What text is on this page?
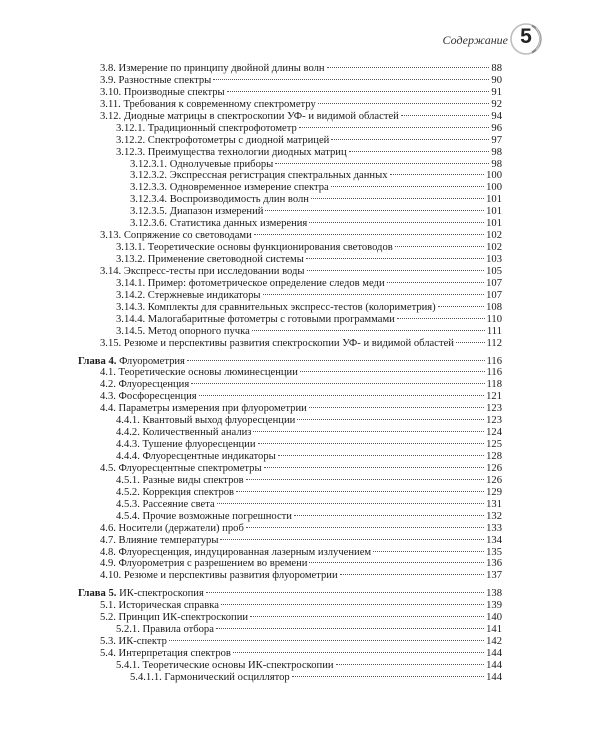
Содержание 5
3.8. Измерение по принципу двойной длины волн	88
3.9. Разностные спектры	90
3.10. Производные спектры	91
3.11. Требования к современному спектрометру	92
3.12. Диодные матрицы в спектроскопии УФ- и видимой областей	94
3.12.1. Традиционный спектрофотометр	96
3.12.2. Спектрофотометры с диодной матрицей	97
3.12.3. Преимущества технологии диодных матриц	98
3.12.3.1. Однолучевые приборы	98
3.12.3.2. Экспрессная регистрация спектральных данных	100
3.12.3.3. Одновременное измерение спектра	100
3.12.3.4. Воспроизводимость длин волн	101
3.12.3.5. Диапазон измерений	101
3.12.3.6. Статистика данных измерения	101
3.13. Сопряжение со световодами	102
3.13.1. Теоретические основы функционирования световодов	102
3.13.2. Применение световодной системы	103
3.14. Экспресс-тесты при исследовании воды	105
3.14.1. Пример: фотометрическое определение следов меди	107
3.14.2. Стержневые индикаторы	107
3.14.3. Комплекты для сравнительных экспресс-тестов (колориметрия)	108
3.14.4. Малогабаритные фотометры с готовыми программами	110
3.14.5. Метод опорного пучка	111
3.15. Резюме и перспективы развития спектроскопии УФ- и видимой областей	112
Глава 4. Флуорометрия	116
4.1. Теоретические основы люминесценции	116
4.2. Флуоресценция	118
4.3. Фосфоресценция	121
4.4. Параметры измерения при флуорометрии	123
4.4.1. Квантовый выход флуоресценции	123
4.4.2. Количественный анализ	124
4.4.3. Тушение флуоресценции	125
4.4.4. Флуоресцентные индикаторы	128
4.5. Флуоресцентные спектрометры	126
4.5.1. Разные виды спектров	126
4.5.2. Коррекция спектров	129
4.5.3. Рассеяние света	131
4.5.4. Прочие возможные погрешности	132
4.6. Носители (держатели) проб	133
4.7. Влияние температуры	134
4.8. Флуоресценция, индуцированная лазерным излучением	135
4.9. Флуорометрия с разрешением во времени	136
4.10. Резюме и перспективы развития флуорометрии	137
Глава 5. ИК-спектроскопия	138
5.1. Историческая справка	139
5.2. Принцип ИК-спектроскопии	140
5.2.1. Правила отбора	141
5.3. ИК-спектр	142
5.4. Интерпретация спектров	144
5.4.1. Теоретические основы ИК-спектроскопии	144
5.4.1.1. Гармонический осциллятор	144
